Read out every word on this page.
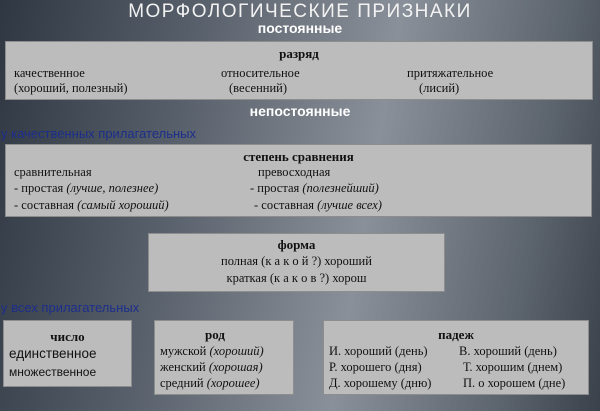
МОРФОЛОГИЧЕСКИЕ ПРИЗНАКИ
постоянные
разряд
качественное
(хороший, полезный)
относительное
(весенний)
притяжательное
(лисий)
непостоянные
у качественных прилагательных
степень сравнения
сравнительная
- простая (лучше, полезнее)
- составная (самый хороший)
превосходная
- простая (полезнейший)
- составная (лучше всех)
форма
полная (к а к о й ?) хороший
краткая (к а к о в ?) хорош
у всех прилагательных
число
единственное
множественное
род
мужской (хороший)
женский (хорошая)
средний (хорошее)
падеж
И. хороший (день)
Р. хорошего (дня)
Д. хорошему (дню)
В. хороший (день)
Т. хорошим (днем)
П. о хорошем (дне)
